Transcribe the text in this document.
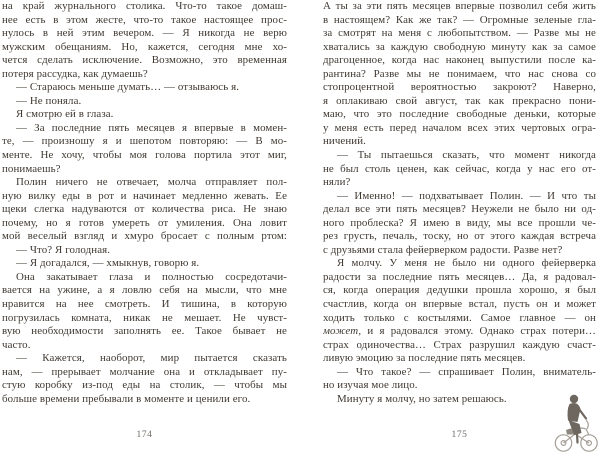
на край журнального столика. Что-то такое домаш-
нее есть в этом жесте, что-то такое настоящее прос-
нулось в ней этим вечером. — Я никогда не верю
мужским обещаниям. Но, кажется, сегодня мне хо-
чется сделать исключение. Возможно, это временная
потеря рассудка, как думаешь?
— Стараюсь меньше думать… — отзываюсь я.
— Не поняла.
Я смотрю ей в глаза.
— За последние пять месяцев я впервые в момен-
те, — произношу я и шепотом повторяю: — В мо-
менте. Не хочу, чтобы моя голова портила этот миг,
понимаешь?
Полин ничего не отвечает, молча отправляет пол-
ную вилку еды в рот и начинает медленно жевать. Ее
щеки слегка надуваются от количества риса. Не знаю
почему, но я готов умереть от умиления. Она ловит
мой веселый взгляд и хмуро бросает с полным ртом:
— Что? Я голодная.
— Я догадался, — хмыкнув, говорю я.
Она закатывает глаза и полностью сосредотачи-
вается на ужине, а я ловлю себя на мысли, что мне
нравится на нее смотреть. И тишина, в которую
погрузилась комната, никак не мешает. Не чувст-
вую необходимости заполнять ее. Такое бывает не
часто.
— Кажется, наоборот, мир пытается сказать
нам, — прерывает молчание она и откладывает пу-
стую коробку из-под еды на столик, — чтобы мы
больше времени пребывали в моменте и ценили его.
174
А ты за эти пять месяцев впервые позволил себя жить
в настоящем? Как же так? — Огромные зеленые гла-
за смотрят на меня с любопытством. — Разве мы не
хватались за каждую свободную минуту как за самое
драгоценное, когда нас наконец выпустили после ка-
рантина? Разве мы не понимаем, что нас снова со
стопроцентной вероятностью закроют? Наверно,
я оплакиваю свой август, так как прекрасно пони-
маю, что это последние свободные деньки, которые
у меня есть перед началом всех этих чертовых огра-
ничений.
— Ты пытаешься сказать, что момент никогда
не был столь ценен, как сейчас, когда у нас его от-
няли?
— Именно! — подхватывает Полин. — И что ты
делал все эти пять месяцев? Неужели не было ни од-
ного проблеска? Я имею в виду, мы все прошли че-
рез грусть, печаль, тоску, но от этого каждая встреча
с друзьями стала фейерверком радости. Разве нет?
Я молчу. У меня не было ни одного фейерверка
радости за последние пять месяцев… Да, я радовал-
ся, когда операция дедушки прошла хорошо, я был
счастлив, когда он впервые встал, пусть он и может
ходить только с костылями. Самое главное — он
может, и я радовался этому. Однако страх потери…
страх одиночества… Страх разрушил каждую счаст-
ливую эмоцию за последние пять месяцев.
— Что такое? — спрашивает Полин, вниматель-
но изучая мое лицо.
Минуту я молчу, но затем решаюсь.
175
